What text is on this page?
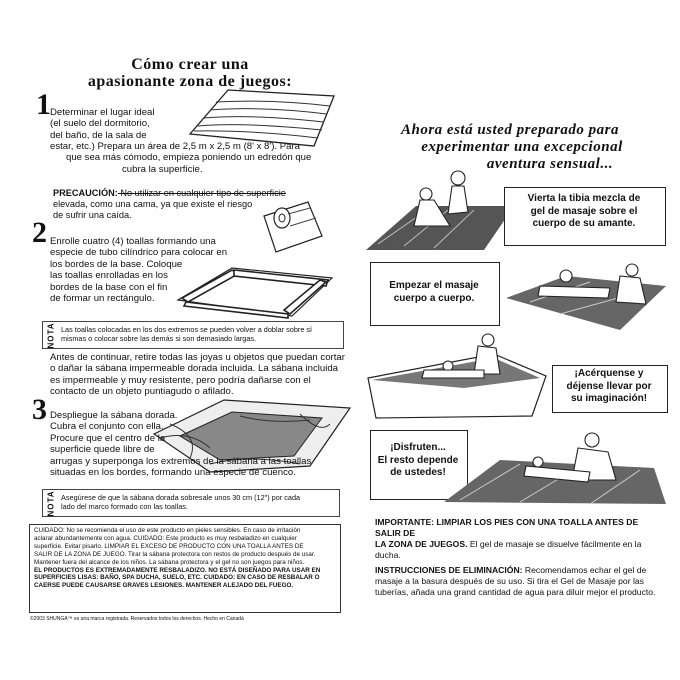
Cómo crear una
apasionante zona de juegos:
1 Determinar el lugar ideal
(el suelo del dormitorio,
del baño, de la sala de
estar, etc.) Prepara un área de 2,5 m x 2,5 m (8' x 8'). Para
que sea más cómodo, empieza poniendo un edredón que
cubra la superficie.
PRECAUCIÓN: No utilizar en cualquier tipo de superficie
elevada, como una cama, ya que existe el riesgo
de sufrir una caída.
2 Enrolle cuatro (4) toallas formando una
especie de tubo cilíndrico para colocar en
los bordes de la base. Coloque
las toallas enrolladas en los
bordes de la base con el fin
de formar un rectángulo.
NOTA Las toallas colocadas en los dos extremos se pueden volver a doblar sobre sí
mismas o colocar sobre las demás si son demasiado largas.
Antes de continuar, retire todas las joyas u objetos que puedan cortar
o dañar la sábana impermeable dorada incluida. La sábana incluida
es impermeable y muy resistente, pero podría dañarse con el
contacto de un objeto puntiagudo o afilado.
3 Despliegue la sábana dorada.
Cubra el conjunto con ella.
Procure que el centro de la
superficie quede libre de
arrugas y superponga los extremos de la sábana a las toallas
situadas en los bordes, formando una especie de cuenco.
NOTA Asegúrese de que la sábana dorada sobresale unos 30 cm (12") por cada
lado del marco formado con las toallas.
CUIDADO: No se recomienda el uso de este producto en pieles sensibles. En caso de irritación
aclarar abundantemente con agua. CUIDADO: Este producto es muy resbaladizo en cualquier
superficie. Evitar pisarlo. LIMPIAR EL EXCESO DE PRODUCTO CON UNA TOALLA ANTES DE
SALIR DE LA ZONA DE JUEGO. Tirar la sábana protectora con restos de producto después de usar.
Mantener fuera del alcance de los niños. La sábana protectora y el gel no son juegos para niños.
EL PRODUCTOS ES EXTREMADAMENTE RESBALADIZO. NO ESTÁ DISEÑADO PARA USAR EN
SUPERFICIES LISAS: BAÑO, SPA DUCHA, SUELO, ETC. CUIDADO: EN CASO DE RESBALAR O
CAERSE PUEDE CAUSARSE GRAVES LESIONES. MANTENER ALEJADO DEL FUEGO.
©2003 SHUNGA™ es una marca registrada. Reservados todos los derechos. Hecho en Canadá
Ahora está usted preparado para
experimentar una excepcional
aventura sensual...
Vierta la tibia mezcla de
gel de masaje sobre el
cuerpo de su amante.
Empezar el masaje
cuerpo a cuerpo.
¡Acérquense y
déjense llevar por
su imaginación!
¡Disfruten...
El resto depende
de ustedes!
IMPORTANTE: LIMPIAR LOS PIES CON UNA TOALLA ANTES DE SALIR DE
LA ZONA DE JUEGOS. El gel de masaje se disuelve fácilmente en la ducha.
INSTRUCCIONES DE ELIMINACIÓN: Recomendamos echar el gel de
masaje a la basura después de su uso. Si tira el Gel de Masaje por las
tuberías, añada una grand cantidad de agua para diluir mejor el producto.
